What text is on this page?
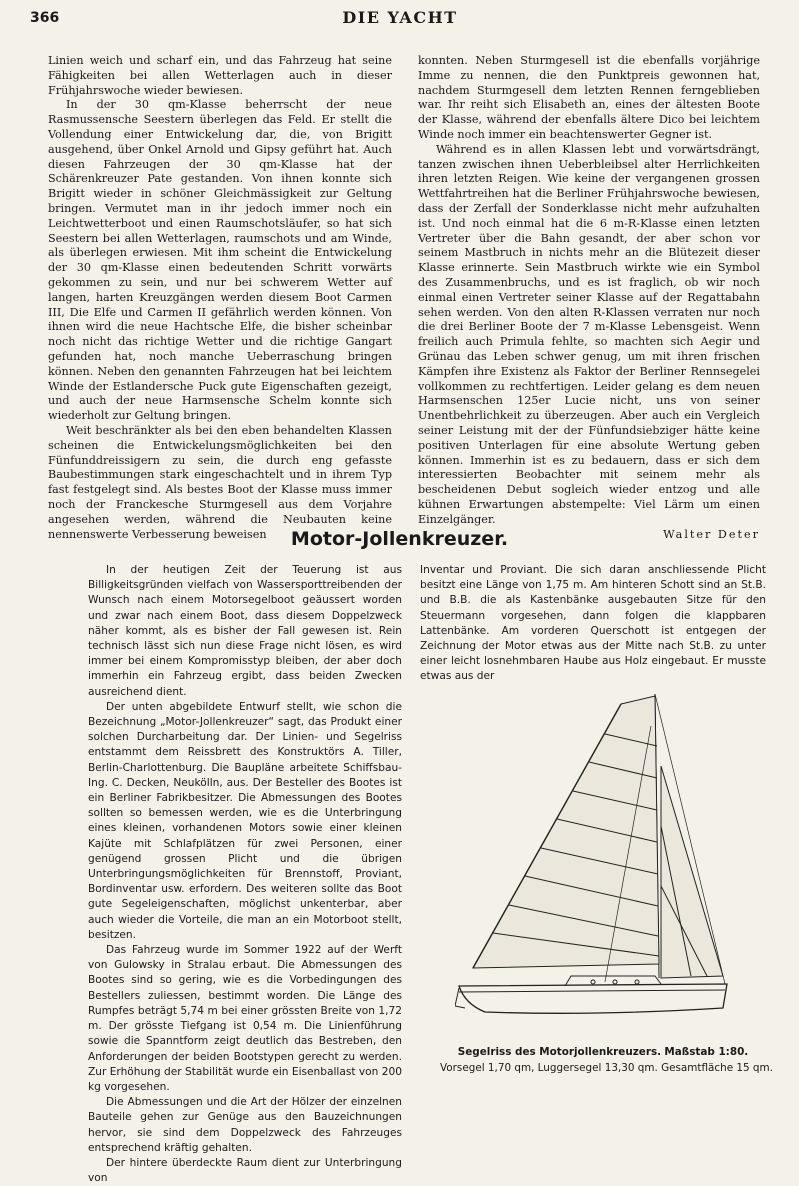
366	DIE YACHT

Linien weich und scharf ein, und das Fahrzeug hat seine Fähigkeiten bei allen Wetterlagen auch in dieser Frühjahrswoche wieder bewiesen.

In der 30 qm-Klasse beherrscht der neue Rasmussensche Seestern überlegen das Feld. Er stellt die Vollendung einer Entwickelung dar, die, von Brigitt ausgehend, über Onkel Arnold und Gipsy geführt hat. Auch diesen Fahrzeugen der 30 qm-Klasse hat der Schärenkreuzer Pate gestanden. Von ihnen konnte sich Brigitt wieder in schöner Gleichmässigkeit zur Geltung bringen. Vermutet man in ihr jedoch immer noch ein Leichtwetterboot und einen Raumschotsläufer, so hat sich Seestern bei allen Wetterlagen, raumschots und am Winde, als überlegen erwiesen. Mit ihm scheint die Entwickelung der 30 qm-Klasse einen bedeutenden Schritt vorwärts gekommen zu sein, und nur bei schwerem Wetter auf langen, harten Kreuzgängen werden diesem Boot Carmen III, Die Elfe und Carmen II gefährlich werden können. Von ihnen wird die neue Hachtsche Elfe, die bisher scheinbar noch nicht das richtige Wetter und die richtige Gangart gefunden hat, noch manche Ueberraschung bringen können. Neben den genannten Fahrzeugen hat bei leichtem Winde der Estlandersche Puck gute Eigenschaften gezeigt, und auch der neue Harmsensche Schelm konnte sich wiederholt zur Geltung bringen.

Weit beschränkter als bei den eben behandelten Klassen scheinen die Entwickelungsmöglichkeiten bei den Fünfunddreissigern zu sein, die durch eng gefasste Baubestimmungen stark eingeschachtelt und in ihrem Typ fast festgelegt sind. Als bestes Boot der Klasse muss immer noch der Franckesche Sturmgesell aus dem Vorjahre angesehen werden, während die Neubauten keine nennenswerte Verbesserung beweisen

konnten. Neben Sturmgesell ist die ebenfalls vorjährige Imme zu nennen, die den Punktpreis gewonnen hat, nachdem Sturmgesell dem letzten Rennen ferngeblieben war. Ihr reiht sich Elisabeth an, eines der ältesten Boote der Klasse, während der ebenfalls ältere Dico bei leichtem Winde noch immer ein beachtenswerter Gegner ist.

Während es in allen Klassen lebt und vorwärtsdrängt, tanzen zwischen ihnen Ueberbleibsel alter Herrlichkeiten ihren letzten Reigen. Wie keine der vergangenen grossen Wettfahrtreihen hat die Berliner Frühjahrswoche bewiesen, dass der Zerfall der Sonderklasse nicht mehr aufzuhalten ist. Und noch einmal hat die 6 m-R-Klasse einen letzten Vertreter über die Bahn gesandt, der aber schon vor seinem Mastbruch in nichts mehr an die Blütezeit dieser Klasse erinnerte. Sein Mastbruch wirkte wie ein Symbol des Zusammenbruchs, und es ist fraglich, ob wir noch einmal einen Vertreter seiner Klasse auf der Regattabahn sehen werden. Von den alten R-Klassen verraten nur noch die drei Berliner Boote der 7 m-Klasse Lebensgeist. Wenn freilich auch Primula fehlte, so machten sich Aegir und Grünau das Leben schwer genug, um mit ihren frischen Kämpfen ihre Existenz als Faktor der Berliner Rennsegelei vollkommen zu rechtfertigen. Leider gelang es dem neuen Harmsenschen 125er Lucie nicht, uns von seiner Unentbehrlichkeit zu überzeugen. Aber auch ein Vergleich seiner Leistung mit der der Fünfundsiebziger hätte keine positiven Unterlagen für eine absolute Wertung geben können. Immerhin ist es zu bedauern, dass er sich dem interessierten Beobachter mit seinem mehr als bescheidenen Debut sogleich wieder entzog und alle kühnen Erwartungen abstempelte: Viel Lärm um einen Einzelgänger.

Walter Deter
Motor-Jollenkreuzer.

In der heutigen Zeit der Teuerung ist aus Billigkeitsgründen vielfach von Wassersporttreibenden der Wunsch nach einem Motorsegelboot geäussert worden und zwar nach einem Boot, dass diesem Doppelzweck näher kommt, als es bisher der Fall gewesen ist. Rein technisch lässt sich nun diese Frage nicht lösen, es wird immer bei einem Kompromisstyp bleiben, der aber doch immerhin ein Fahrzeug ergibt, dass beiden Zwecken ausreichend dient.

Der unten abgebildete Entwurf stellt, wie schon die Bezeichnung „Motor-Jollenkreuzer“ sagt, das Produkt einer solchen Durcharbeitung dar. Der Linien- und Segelriss entstammt dem Reissbrett des Konstruktörs A. Tiller, Berlin-Charlottenburg. Die Baupläne arbeitete Schiffsbau-Ing. C. Decken, Neukölln, aus. Der Besteller des Bootes ist ein Berliner Fabrikbesitzer. Die Abmessungen des Bootes sollten so bemessen werden, wie es die Unterbringung eines kleinen, vorhandenen Motors sowie einer kleinen Kajüte mit Schlafplätzen für zwei Personen, einer genügend grossen Plicht und die übrigen Unterbringungsmöglichkeiten für Brennstoff, Proviant, Bordinventar usw. erfordern. Des weiteren sollte das Boot gute Segeleigenschaften, möglichst unkenterbar, aber auch wieder die Vorteile, die man an ein Motorboot stellt, besitzen.

Das Fahrzeug wurde im Sommer 1922 auf der Werft von Gulowsky in Stralau erbaut. Die Abmessungen des Bootes sind so gering, wie es die Vorbedingungen des Bestellers zuliessen, bestimmt worden. Die Länge des Rumpfes beträgt 5,74 m bei einer grössten Breite von 1,72 m. Der grösste Tiefgang ist 0,54 m. Die Linienführung sowie die Spanntform zeigt deutlich das Bestreben, den Anforderungen der beiden Bootstypen gerecht zu werden. Zur Erhöhung der Stabilität wurde ein Eisenballast von 200 kg vorgesehen.

Die Abmessungen und die Art der Hölzer der einzelnen Bauteile gehen zur Genüge aus den Bauzeichnungen hervor, sie sind dem Doppelzweck des Fahrzeuges entsprechend kräftig gehalten.

Der hintere überdeckte Raum dient zur Unterbringung von

Inventar und Proviant. Die sich daran anschliessende Plicht besitzt eine Länge von 1,75 m. Am hinteren Schott sind an St.B. und B.B. die als Kastenbänke ausgebauten Sitze für den Steuermann vorgesehen, dann folgen die klappbaren Lattenbänke. Am vorderen Querschott ist entgegen der Zeichnung der Motor etwas aus der Mitte nach St.B. zu unter einer leicht losnehmbaren Haube aus Holz eingebaut. Er musste etwas aus der

Segelriss des Motorjollenkreuzers. Maßstab 1:80.
Vorsegel 1,70 qm, Luggersegel 13,30 qm. Gesamtfläche 15 qm.
